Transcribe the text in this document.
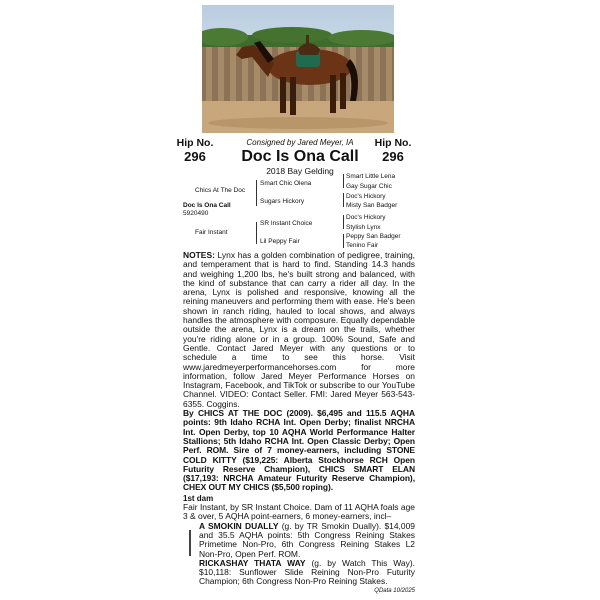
Hip No.
296
Hip No.
296
Consigned by Jared Meyer, IA
Doc Is Ona Call
2018 Bay Gelding
Chics At The Doc
Doc Is Ona Call
5920490
Fair Instant
Smart Chic Olena
Sugars Hickory
SR Instant Choice
Lil Peppy Fair
Smart Little Lena
Gay Sugar Chic
Doc's Hickory
Misty San Badger
Doc's Hickory
Stylish Lynx
Peppy San Badger
Tenino Fair

NOTES: Lynx has a golden combination of pedigree, training, and temperament that is hard to find. Standing 14.3 hands and weighing 1,200 lbs, he's built strong and balanced, with the kind of substance that can carry a rider all day. In the arena, Lynx is polished and responsive, knowing all the reining maneuvers and performing them with ease. He's been shown in ranch riding, hauled to local shows, and always handles the atmosphere with composure. Equally dependable outside the arena, Lynx is a dream on the trails, whether you're riding alone or in a group. 100% Sound, Safe and Gentle. Contact Jared Meyer with any questions or to schedule a time to see this horse. Visit www.jaredmeyerperformancehorses.com for more information, follow Jared Meyer Performance Horses on Instagram, Facebook, and TikTok or subscribe to our YouTube Channel. VIDEO: Contact Seller. FMI: Jared Meyer 563-543-6355. Coggins.

By CHICS AT THE DOC (2009). $6,495 and 115.5 AQHA points: 9th Idaho RCHA Int. Open Derby; finalist NRCHA Int. Open Derby, top 10 AQHA World Performance Halter Stallions; 5th Idaho RCHA Int. Open Classic Derby; Open Perf. ROM. Sire of 7 money-earners, including STONE COLD KITTY ($19,225: Alberta Stockhorse RCH Open Futurity Reserve Champion), CHICS SMART ELAN ($17,193: NRCHA Amateur Futurity Reserve Champion), CHEX OUT MY CHICS ($5,500 roping).

1st dam

Fair Instant, by SR Instant Choice. Dam of 11 AQHA foals age 3 & over, 5 AQHA point-earners, 6 money-earners, incl–

A SMOKIN DUALLY (g. by TR Smokin Dually). $14,009 and 35.5 AQHA points: 5th Congress Reining Stakes Primetime Non-Pro, 6th Congress Reining Stakes L2 Non-Pro, Open Perf. ROM.

RICKASHAY THATA WAY (g. by Watch This Way). $10,118: Sunflower Slide Reining Non-Pro Futurity Champion; 6th Congress Non-Pro Reining Stakes.

QData 10/2025
